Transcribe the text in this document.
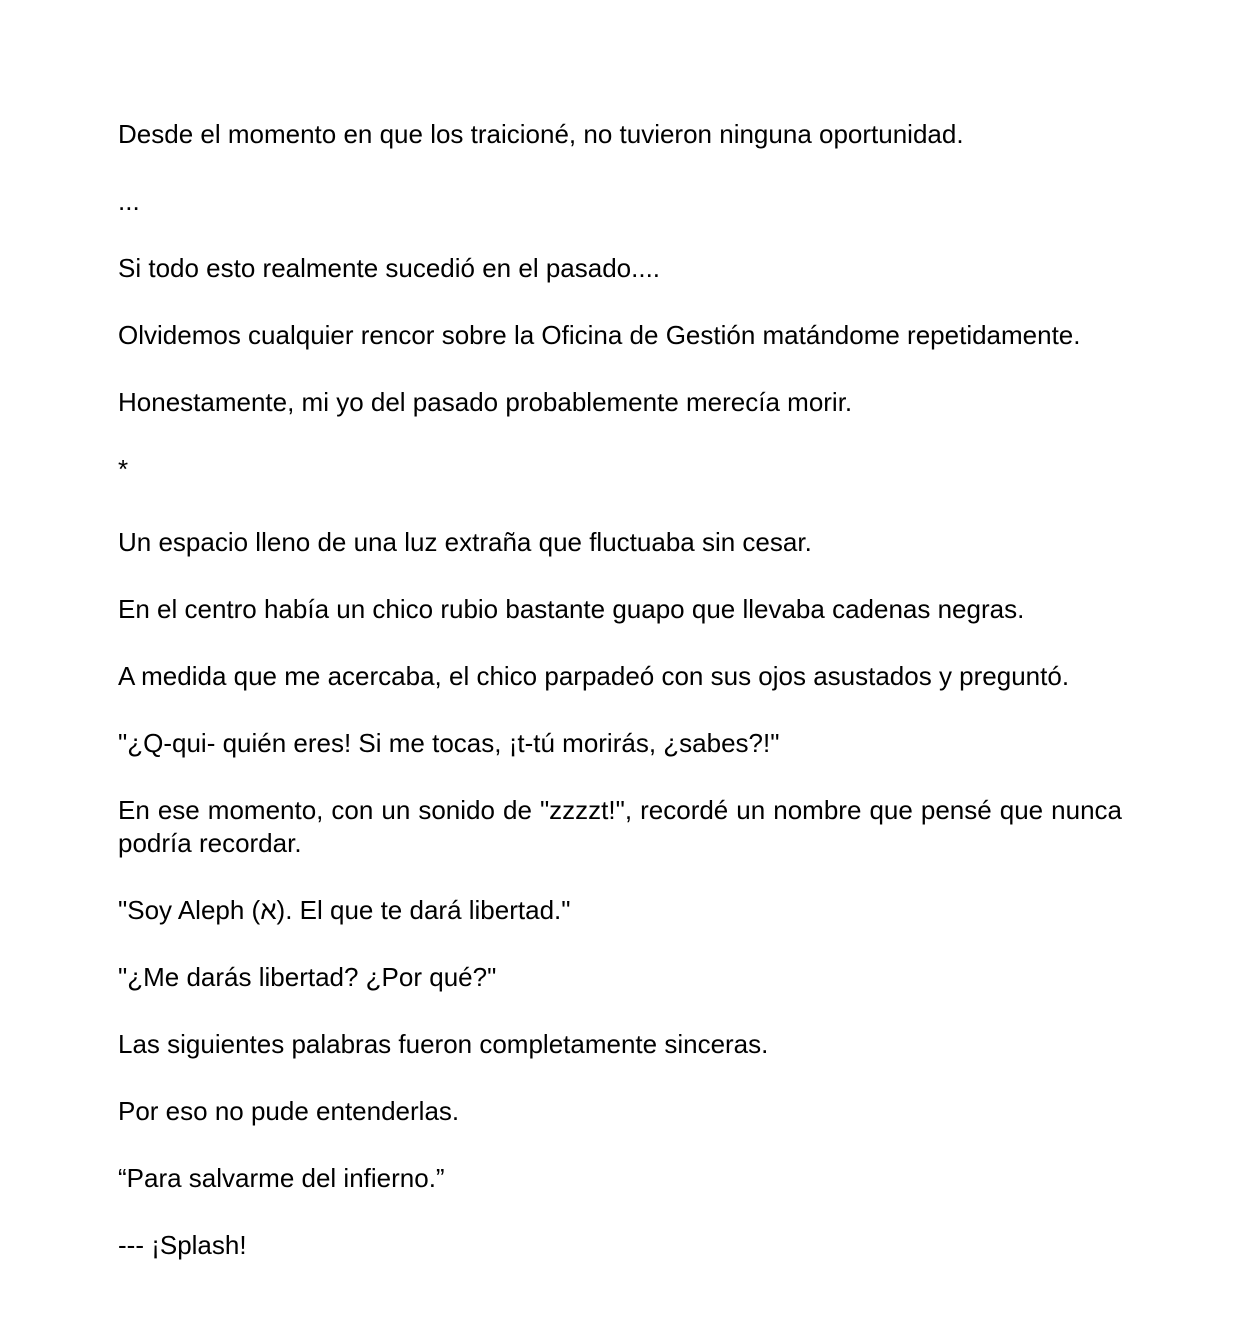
Desde el momento en que los traicioné, no tuvieron ninguna oportunidad.

...

Si todo esto realmente sucedió en el pasado....

Olvidemos cualquier rencor sobre la Oficina de Gestión matándome repetidamente.

Honestamente, mi yo del pasado probablemente merecía morir.

*

Un espacio lleno de una luz extraña que fluctuaba sin cesar.

En el centro había un chico rubio bastante guapo que llevaba cadenas negras.

A medida que me acercaba, el chico parpadeó con sus ojos asustados y preguntó.

"¿Q-qui- quién eres! Si me tocas, ¡t-tú morirás, ¿sabes?!"

En ese momento, con un sonido de "zzzzt!", recordé un nombre que pensé que nunca podría recordar.

"Soy Aleph (א). El que te dará libertad."

"¿Me darás libertad? ¿Por qué?"

Las siguientes palabras fueron completamente sinceras.

Por eso no pude entenderlas.

“Para salvarme del infierno.”

--- ¡Splash!
